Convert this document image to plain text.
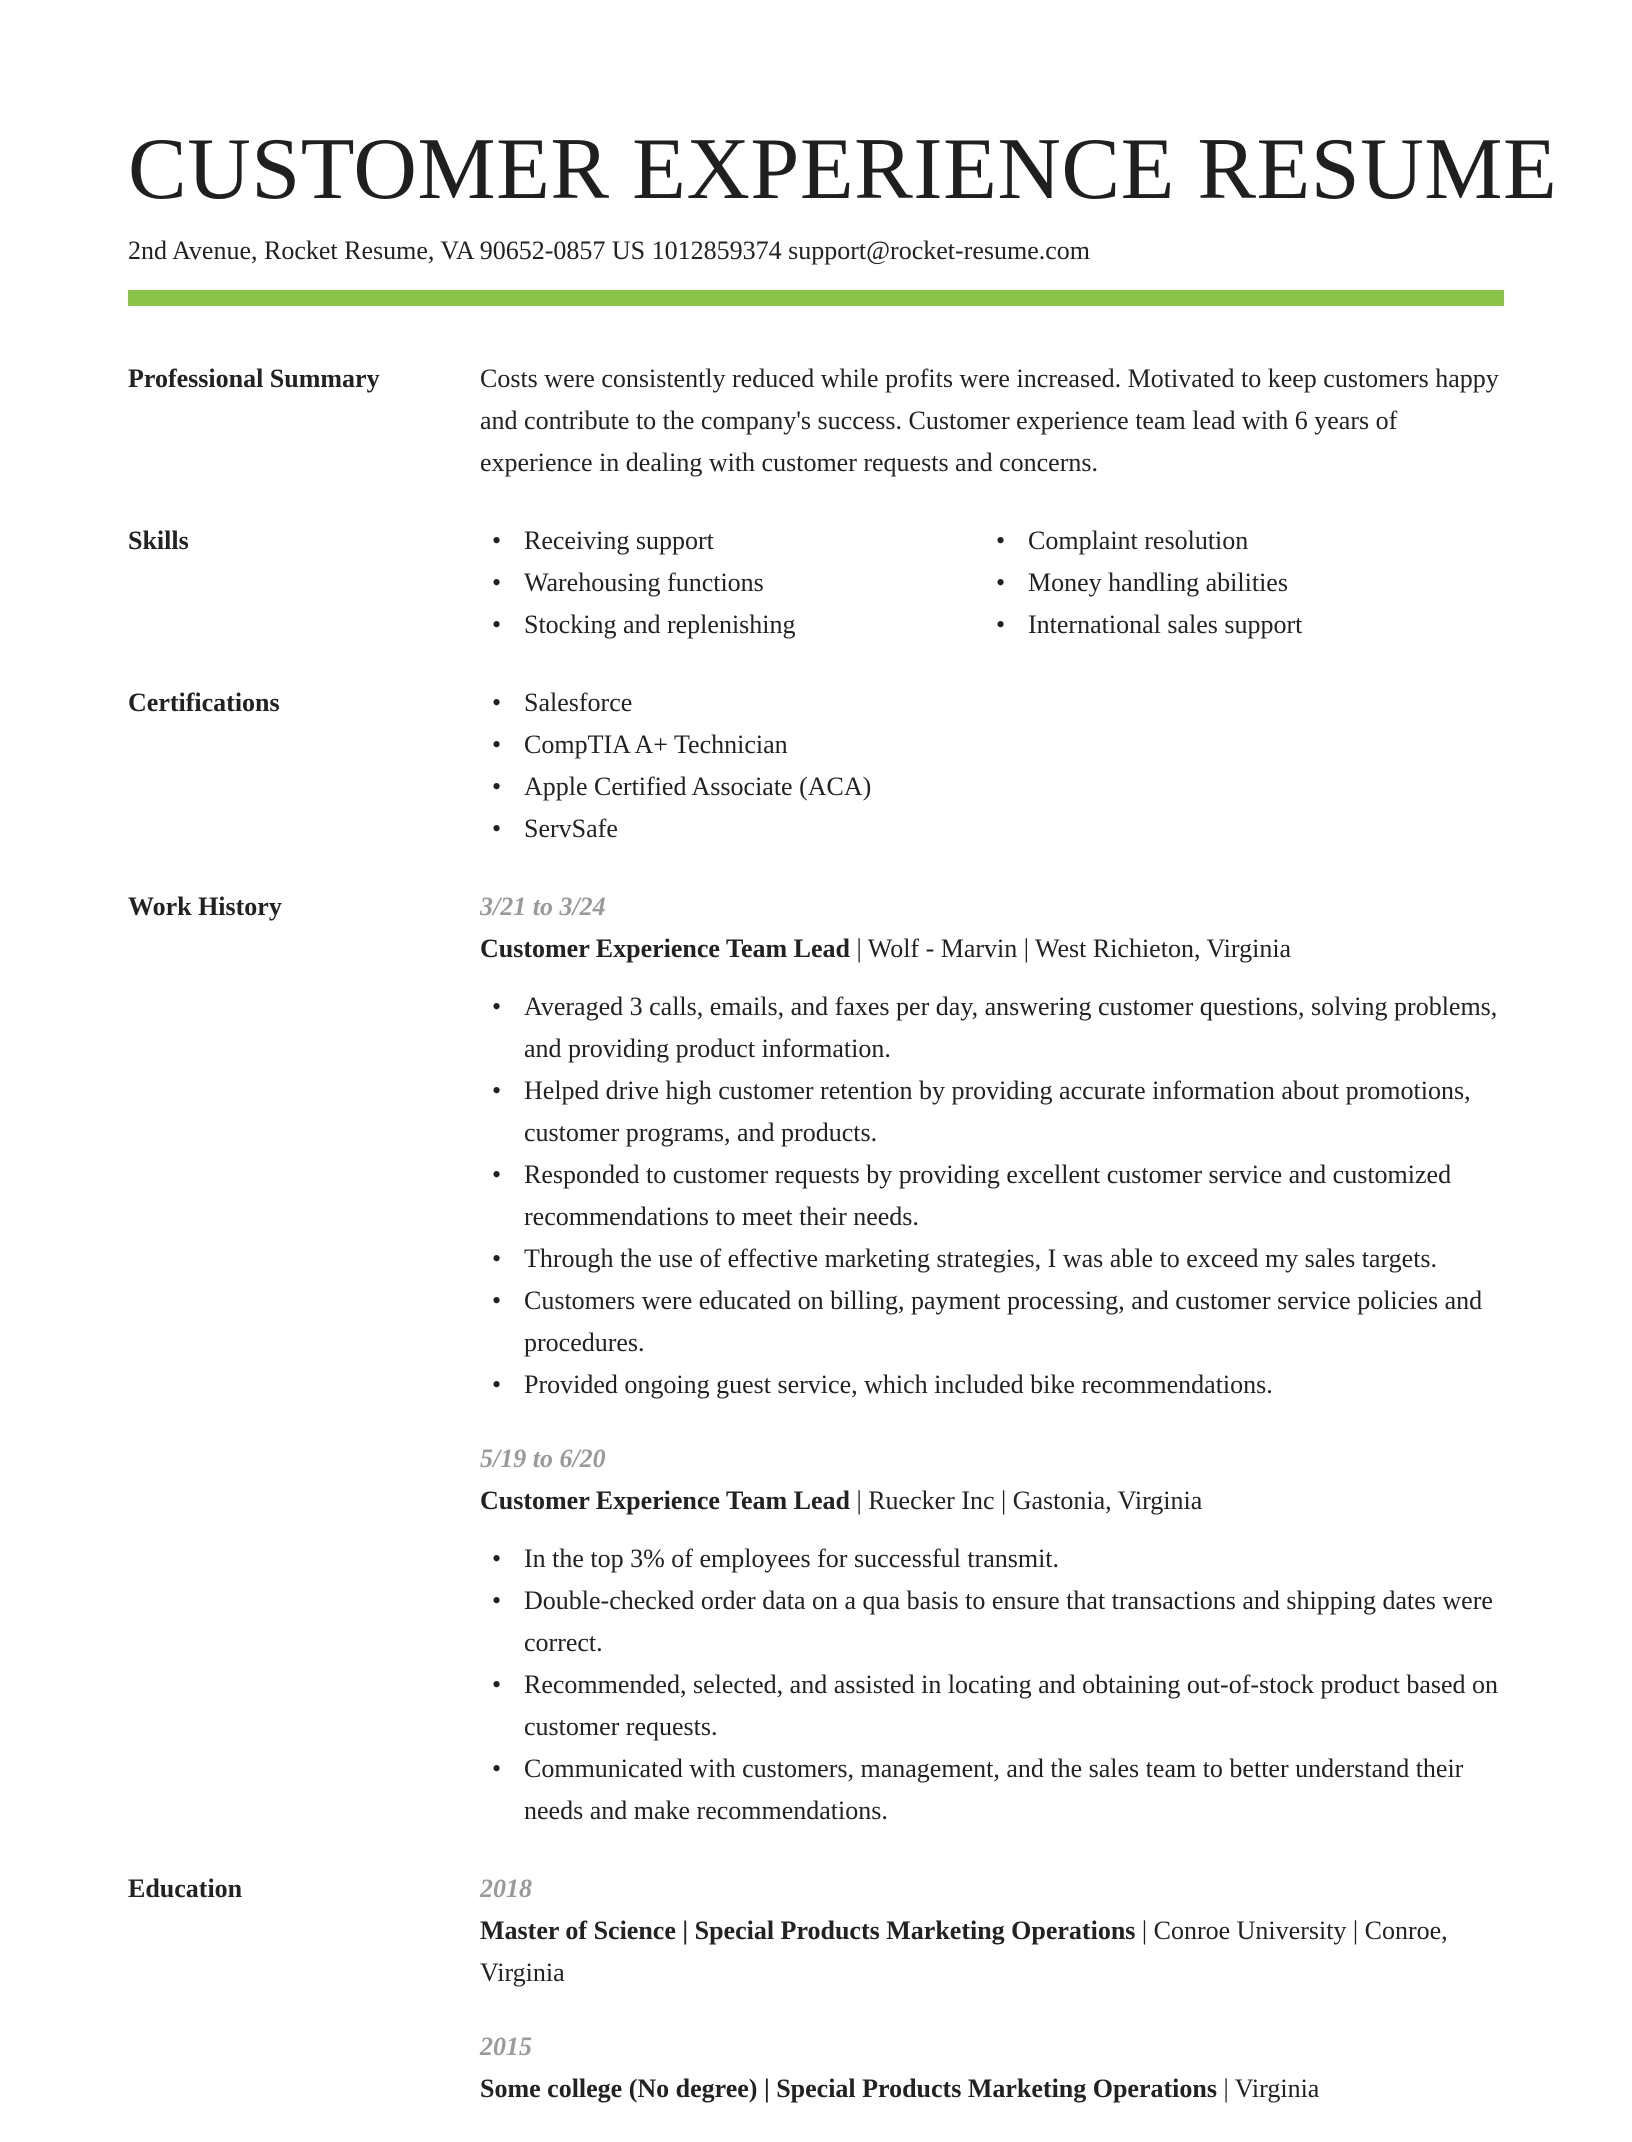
CUSTOMER EXPERIENCE RESUME
2nd Avenue, Rocket Resume, VA 90652-0857 US 1012859374 support@rocket-resume.com
Professional Summary	Costs were consistently reduced while profits were increased. Motivated to keep customers happy and contribute to the company's success. Customer experience team lead with 6 years of experience in dealing with customer requests and concerns.

Skills	• Receiving support
• Warehousing functions
• Stocking and replenishing
• Complaint resolution
• Money handling abilities
• International sales support
Certifications	• Salesforce
• CompTIA A+ Technician
• Apple Certified Associate (ACA)
• ServSafe
Work History	3/21 to 3/24
Customer Experience Team Lead | Wolf - Marvin | West Richieton, Virginia
• Averaged 3 calls, emails, and faxes per day, answering customer questions, solving problems, and providing product information.
• Helped drive high customer retention by providing accurate information about promotions, customer programs, and products.
• Responded to customer requests by providing excellent customer service and customized recommendations to meet their needs.
• Through the use of effective marketing strategies, I was able to exceed my sales targets.
• Customers were educated on billing, payment processing, and customer service policies and procedures.
• Provided ongoing guest service, which included bike recommendations.
5/19 to 6/20
Customer Experience Team Lead | Ruecker Inc | Gastonia, Virginia
• In the top 3% of employees for successful transmit.
• Double-checked order data on a qua basis to ensure that transactions and shipping dates were correct.
• Recommended, selected, and assisted in locating and obtaining out-of-stock product based on customer requests.
• Communicated with customers, management, and the sales team to better understand their needs and make recommendations.
Education	2018
Master of Science | Special Products Marketing Operations | Conroe University | Conroe, Virginia
2015
Some college (No degree) | Special Products Marketing Operations | Virginia
